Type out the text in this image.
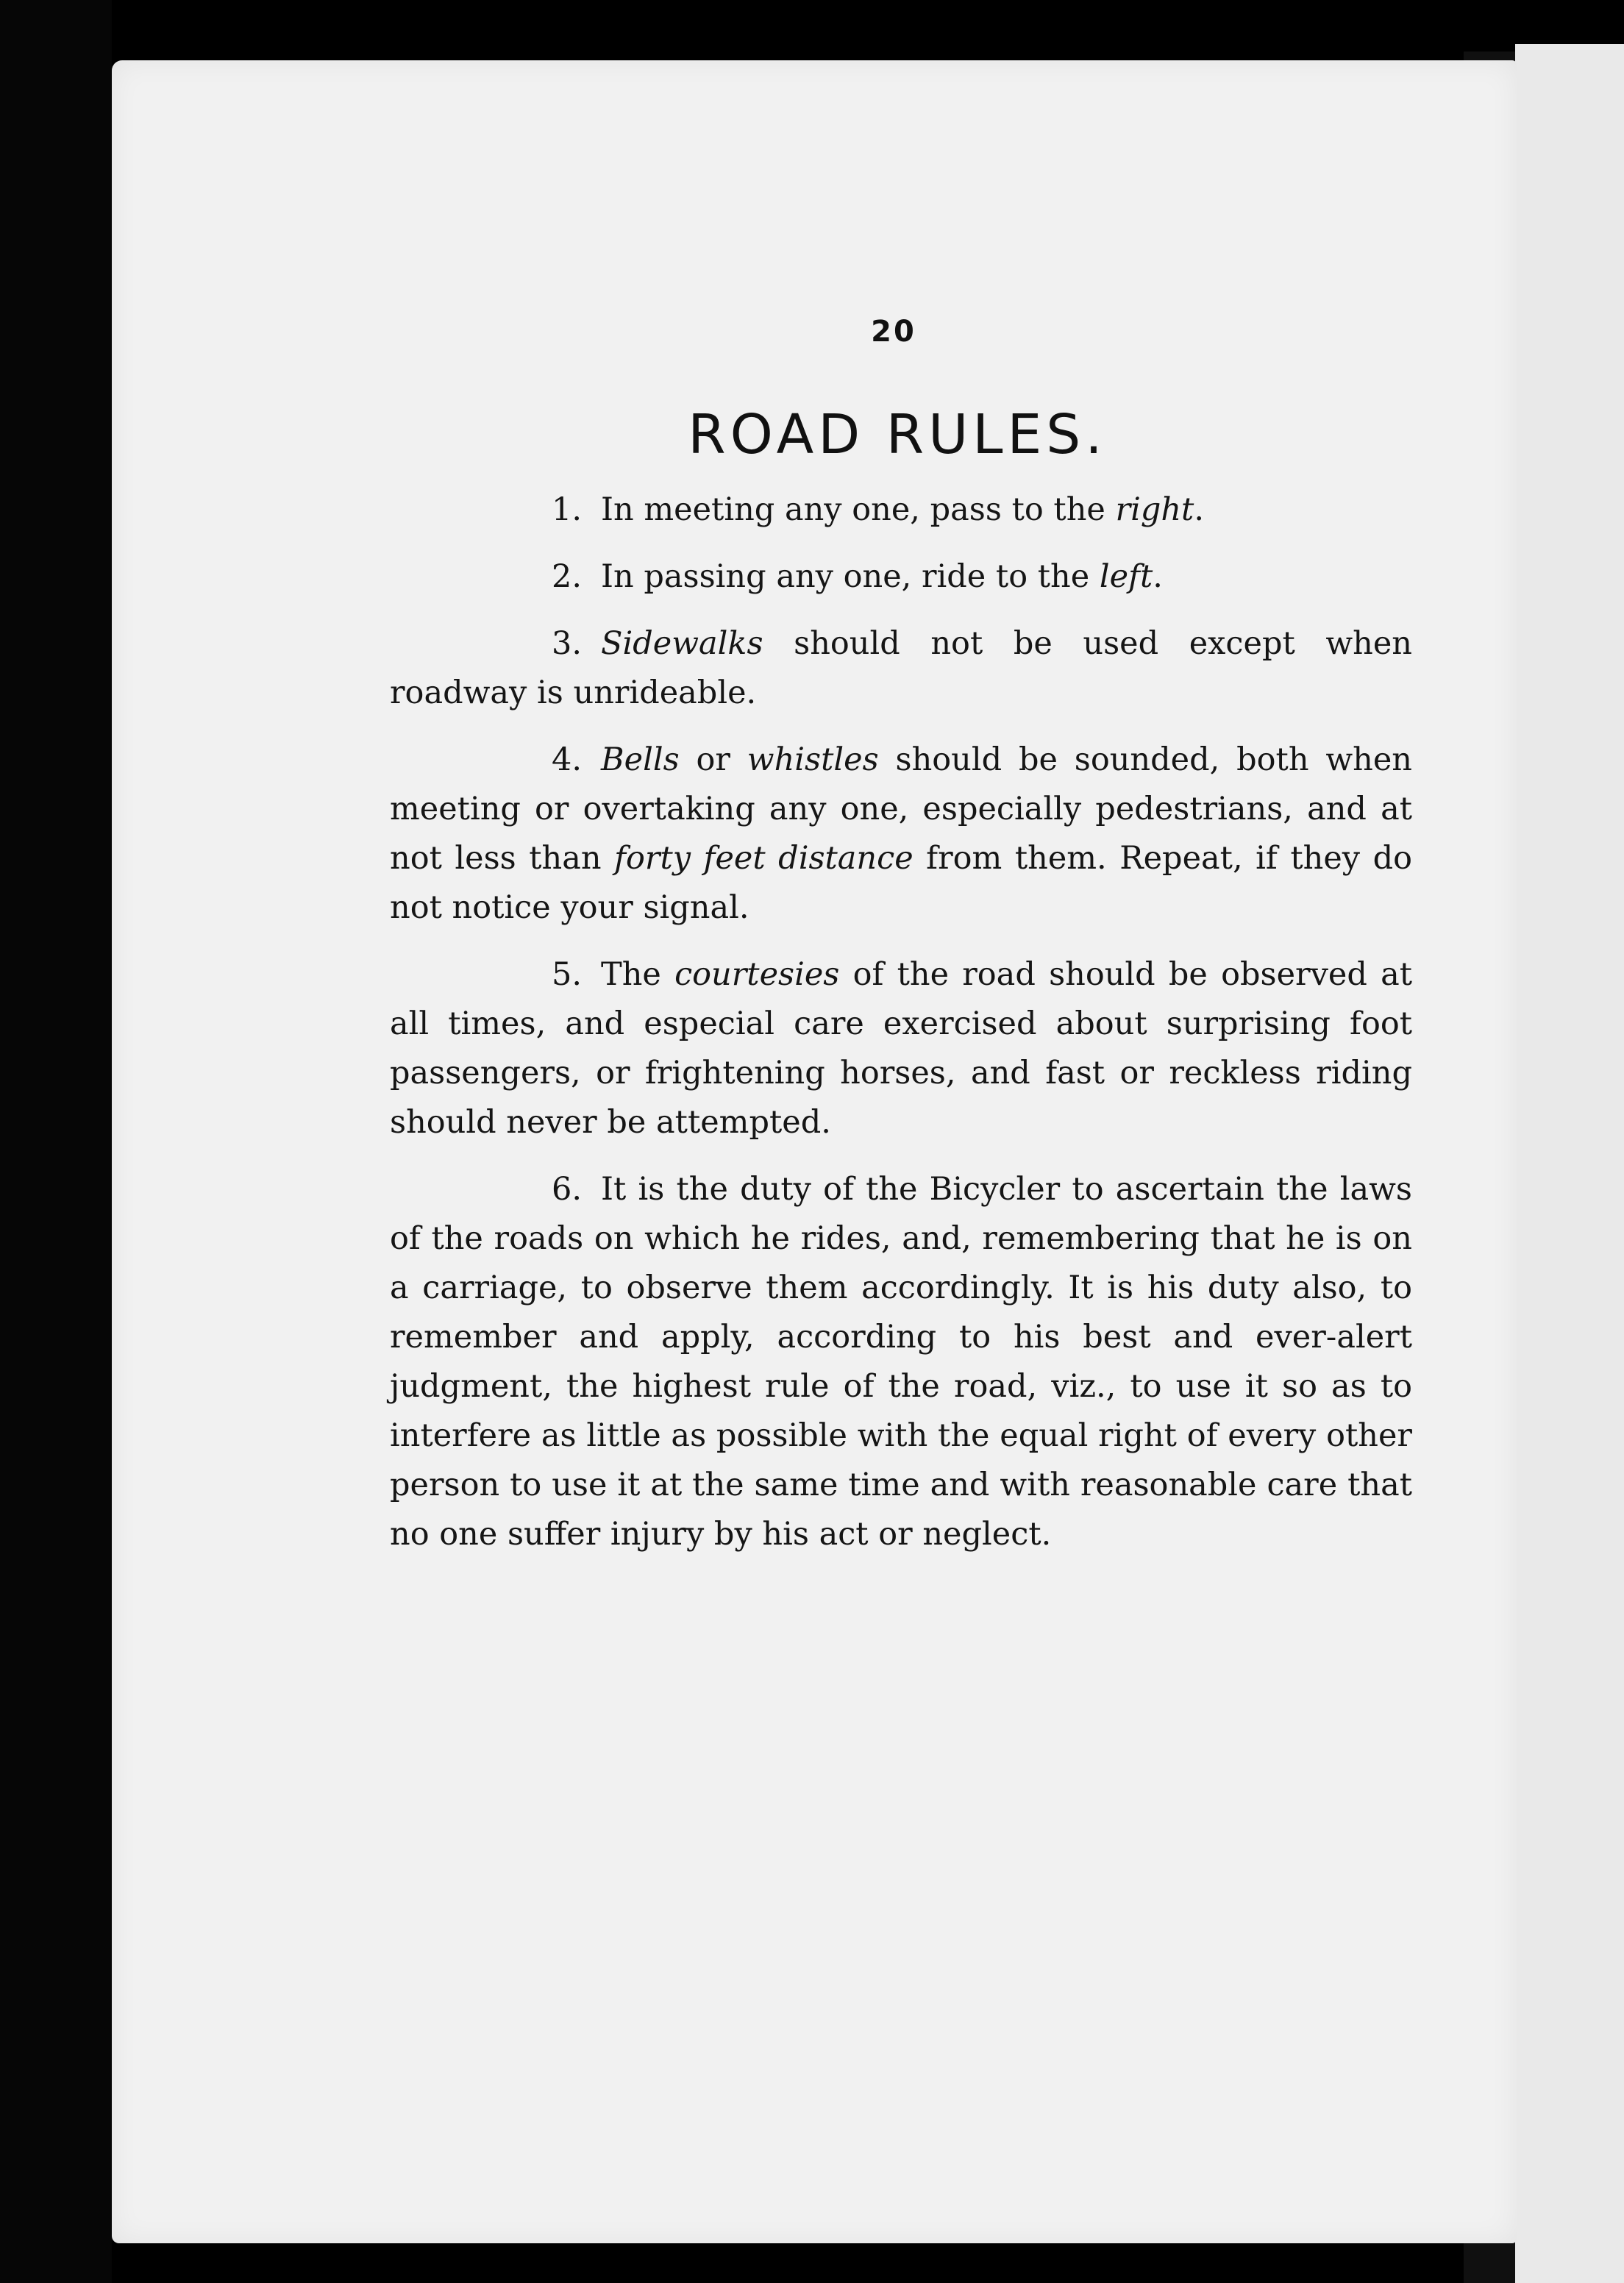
20
ROAD RULES.

1. In meeting any one, pass to the right.

2. In passing any one, ride to the left.

3. Sidewalks should not be used except when roadway is unrideable.

4. Bells or whistles should be sounded, both when meeting or overtaking any one, especially pedestrians, and at not less than forty feet distance from them. Repeat, if they do not notice your signal.

5. The courtesies of the road should be observed at all times, and especial care exercised about surprising foot passengers, or frightening horses, and fast or reckless riding should never be attempted.

6. It is the duty of the Bicycler to ascertain the laws of the roads on which he rides, and, remembering that he is on a carriage, to observe them accordingly. It is his duty also, to remember and apply, according to his best and ever-alert judgment, the highest rule of the road, viz., to use it so as to interfere as little as possible with the equal right of every other person to use it at the same time and with reasonable care that no one suffer injury by his act or neglect.
